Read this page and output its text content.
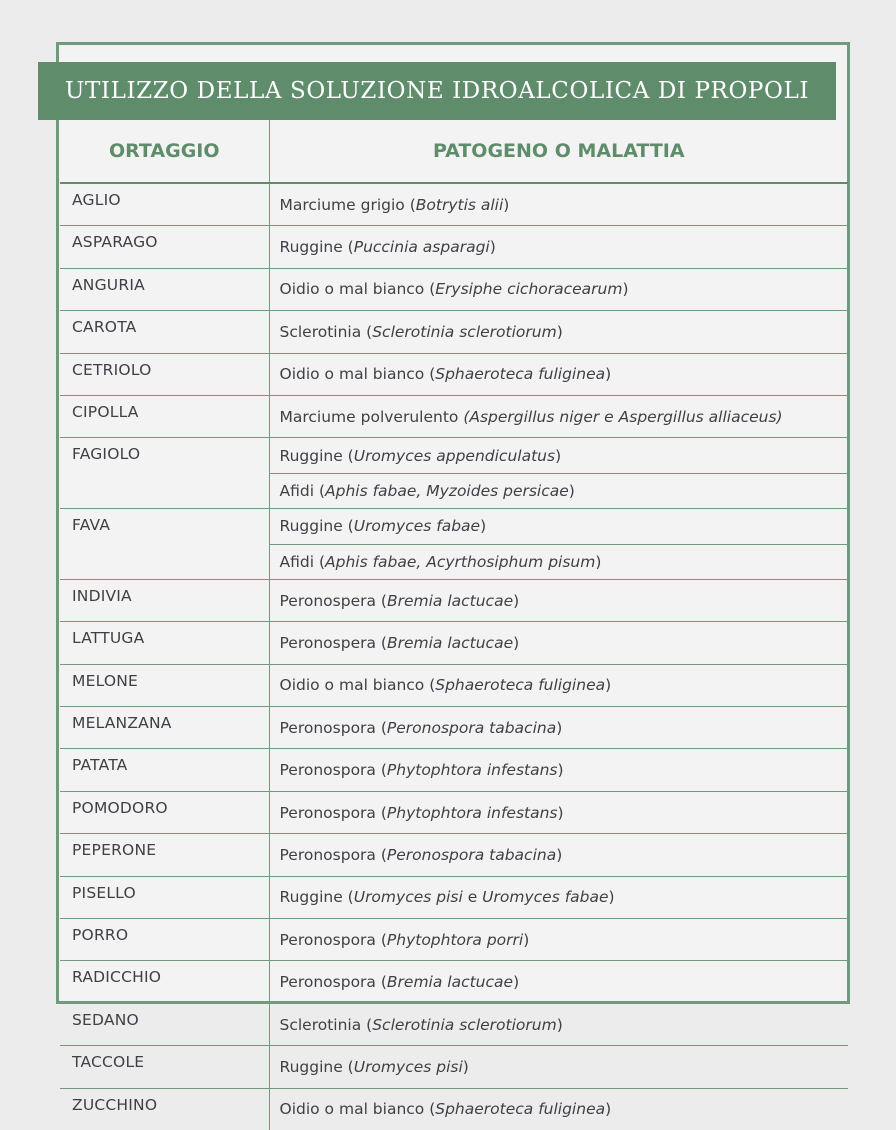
UTILIZZO DELLA SOLUZIONE IDROALCOLICA DI PROPOLI
ORTAGGIO	PATOGENO O MALATTIA
AGLIO	Marciume grigio (Botrytis alii)
ASPARAGO	Ruggine (Puccinia asparagi)
ANGURIA	Oidio o mal bianco (Erysiphe cichoracearum)
CAROTA	Sclerotinia (Sclerotinia sclerotiorum)
CETRIOLO	Oidio o mal bianco (Sphaeroteca fuliginea)
CIPOLLA	Marciume polverulento (Aspergillus niger e Aspergillus alliaceus)
FAGIOLO	Ruggine (Uromyces appendiculatus)
	Afidi (Aphis fabae, Myzoides persicae)
FAVA	Ruggine (Uromyces fabae)
	Afidi (Aphis fabae, Acyrthosiphum pisum)
INDIVIA	Peronospera (Bremia lactucae)
LATTUGA	Peronospera (Bremia lactucae)
MELONE	Oidio o mal bianco (Sphaeroteca fuliginea)
MELANZANA	Peronospora (Peronospora tabacina)
PATATA	Peronospora (Phytophtora infestans)
POMODORO	Peronospora (Phytophtora infestans)
PEPERONE	Peronospora (Peronospora tabacina)
PISELLO	Ruggine (Uromyces pisi e Uromyces fabae)
PORRO	Peronospora (Phytophtora porri)
RADICCHIO	Peronospora (Bremia lactucae)
SEDANO	Sclerotinia (Sclerotinia sclerotiorum)
TACCOLE	Ruggine (Uromyces pisi)
ZUCCHINO	Oidio o mal bianco (Sphaeroteca fuliginea)
